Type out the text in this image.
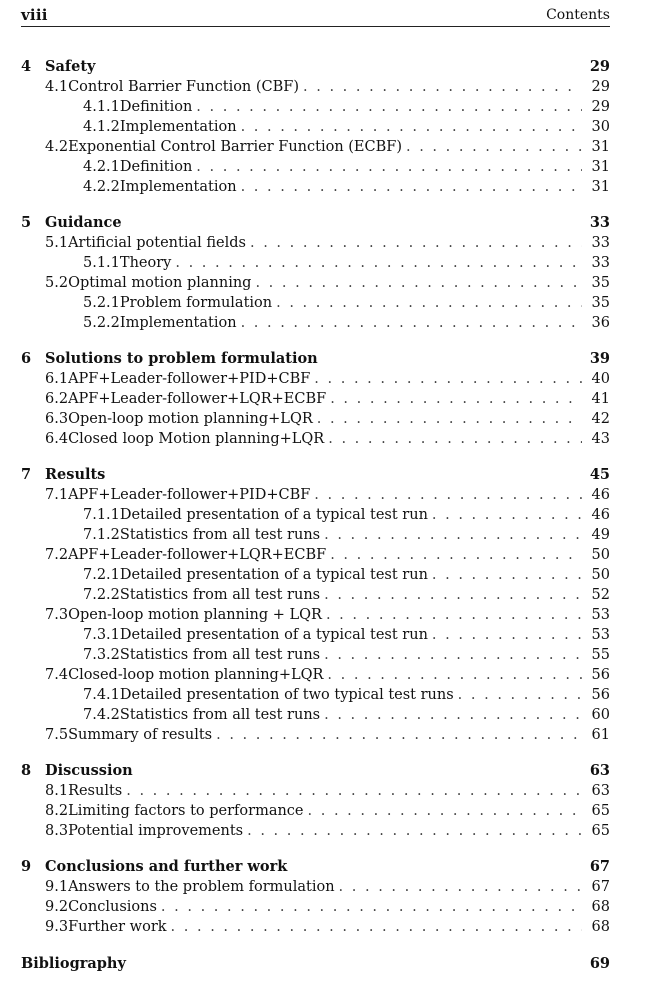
viii	Contents
4 Safety	29
4.1 Control Barrier Function (CBF) . . .	29
4.1.1 Definition . . .	29
4.1.2 Implementation . . .	30
4.2 Exponential Control Barrier Function (ECBF) . . .	31
4.2.1 Definition . . .	31
4.2.2 Implementation . . .	31
5 Guidance	33
5.1 Artificial potential fields . . .	33
5.1.1 Theory . . .	33
5.2 Optimal motion planning . . .	35
5.2.1 Problem formulation . . .	35
5.2.2 Implementation . . .	36
6 Solutions to problem formulation	39
6.1 APF+Leader-follower+PID+CBF . . .	40
6.2 APF+Leader-follower+LQR+ECBF . . .	41
6.3 Open-loop motion planning+LQR . . .	42
6.4 Closed loop Motion planning+LQR . . .	43
7 Results	45
7.1 APF+Leader-follower+PID+CBF . . .	46
7.1.1 Detailed presentation of a typical test run . . .	46
7.1.2 Statistics from all test runs . . .	49
7.2 APF+Leader-follower+LQR+ECBF . . .	50
7.2.1 Detailed presentation of a typical test run . . .	50
7.2.2 Statistics from all test runs . . .	52
7.3 Open-loop motion planning + LQR . . .	53
7.3.1 Detailed presentation of a typical test run . . .	53
7.3.2 Statistics from all test runs . . .	55
7.4 Closed-loop motion planning+LQR . . .	56
7.4.1 Detailed presentation of two typical test runs . . .	56
7.4.2 Statistics from all test runs . . .	60
7.5 Summary of results . . .	61
8 Discussion	63
8.1 Results . . .	63
8.2 Limiting factors to performance . . .	65
8.3 Potential improvements . . .	65
9 Conclusions and further work	67
9.1 Answers to the problem formulation . . .	67
9.2 Conclusions . . .	68
9.3 Further work . . .	68
Bibliography	69
